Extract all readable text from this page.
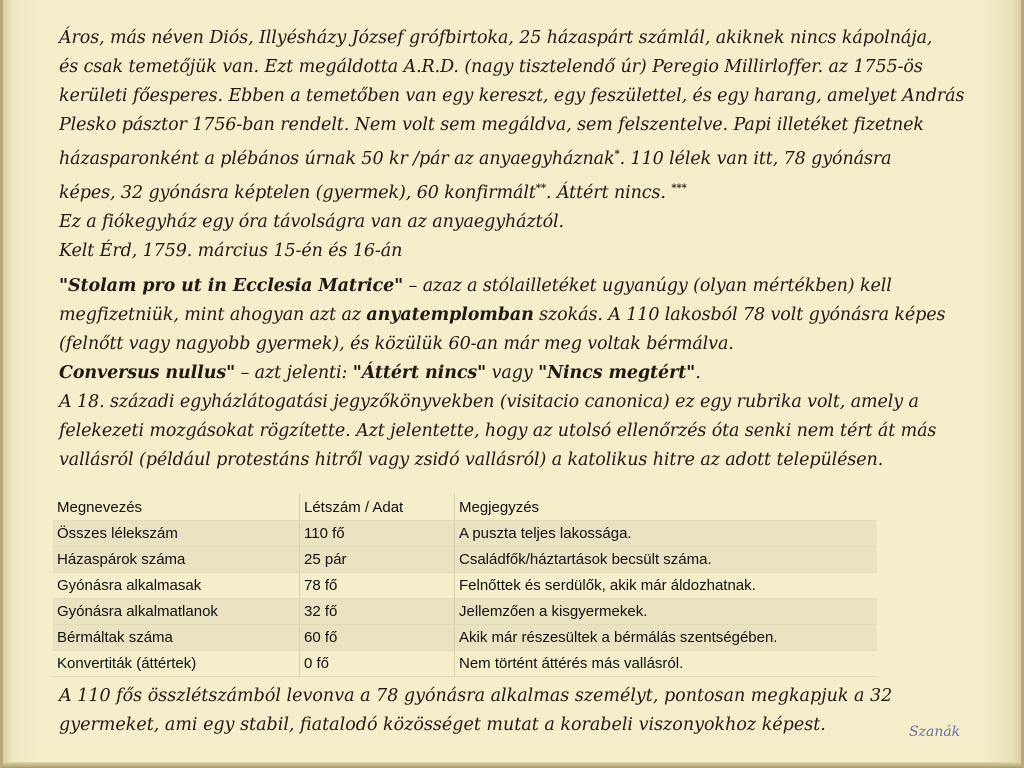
Áros, más néven Diós, Illyésházy József grófbirtoka, 25 házaspárt számlál, akiknek nincs kápolnája,

és csak temetőjük van. Ezt megáldotta A.R.D. (nagy tisztelendő úr) Peregio Millirloffer. az 1755-ös

kerületi főesperes. Ebben a temetőben van egy kereszt, egy feszülettel, és egy harang, amelyet András

Plesko pásztor 1756-ban rendelt. Nem volt sem megáldva, sem felszentelve. Papi illetéket fizetnek

házasparonként a plébános úrnak 50 kr /pár az anyaegyháznak*. 110 lélek van itt, 78 gyónásra

képes, 32 gyónásra képtelen (gyermek), 60 konfirmált**. Áttért nincs. ***

Ez a fiókegyház egy óra távolságra van az anyaegyháztól.

Kelt Érd, 1759. március 15-én és 16-án

"Stolam pro ut in Ecclesia Matrice" – azaz a stólailletéket ugyanúgy (olyan mértékben) kell

megfizetniük, mint ahogyan azt az anyatemplomban szokás. A 110 lakosból 78 volt gyónásra képes

(felnőtt vagy nagyobb gyermek), és közülük 60-an már meg voltak bérmálva.

Conversus nullus" – azt jelenti: "Áttért nincs" vagy "Nincs megtért".

A 18. századi egyházlátogatási jegyzőkönyvekben (visitacio canonica) ez egy rubrika volt, amely a

felekezeti mozgásokat rögzítette. Azt jelentette, hogy az utolsó ellenőrzés óta senki nem tért át más

vallásról (például protestáns hitről vagy zsidó vallásról) a katolikus hitre az adott településen.

Megnevezés	Létszám / Adat	Megjegyzés
Összes lélekszám	110 fő	A puszta teljes lakossága.
Házaspárok száma	25 pár	Családfők/háztartások becsült száma.
Gyónásra alkalmasak	78 fő	Felnőttek és serdülők, akik már áldozhatnak.
Gyónásra alkalmatlanok	32 fő	Jellemzően a kisgyermekek.
Bérmáltak száma	60 fő	Akik már részesültek a bérmálás szentségében.
Konvertiták (áttértek)	0 fő	Nem történt áttérés más vallásról.

A 110 fős összlétszámból levonva a 78 gyónásra alkalmas személyt, pontosan megkapjuk a 32

gyermeket, ami egy stabil, fiatalodó közösséget mutat a korabeli viszonyokhoz képest.	Szanák
